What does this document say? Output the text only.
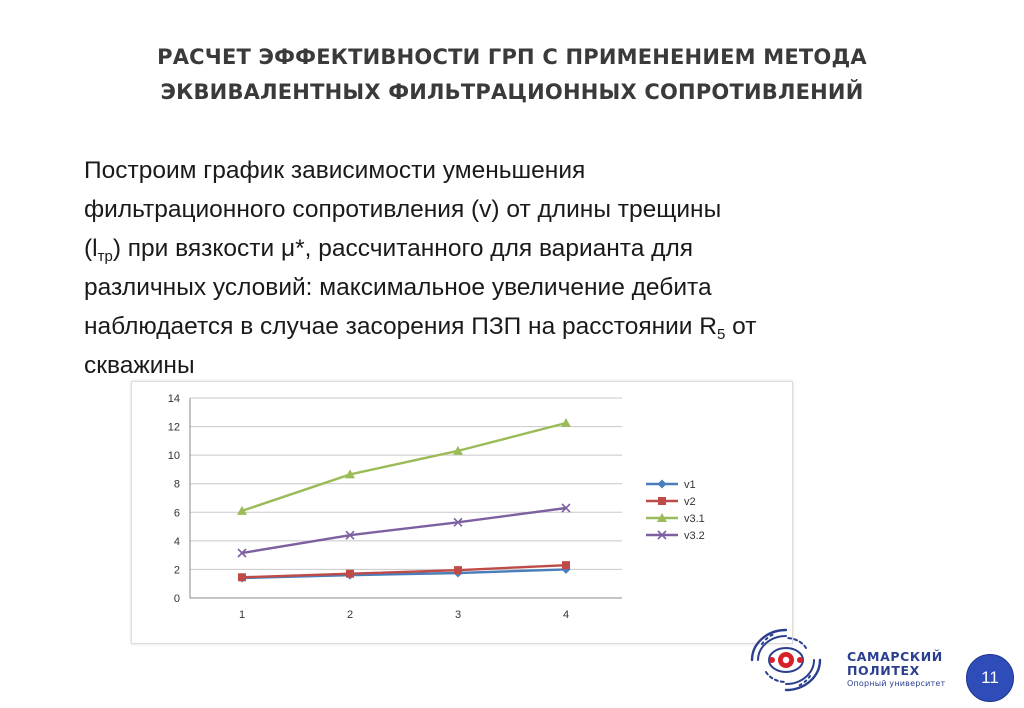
РАСЧЕТ ЭФФЕКТИВНОСТИ ГРП С ПРИМЕНЕНИЕМ МЕТОДА
ЭКВИВАЛЕНТНЫХ ФИЛЬТРАЦИОННЫХ СОПРОТИВЛЕНИЙ
Построим график зависимости уменьшения
фильтрационного сопротивления (v) от длины трещины
$(l_{тр})$ при вязкости μ*, рассчитанного для варианта для
различных условий: максимальное увеличение дебита
наблюдается в случае засорения ПЗП на расстоянии $R_5$ от
скважины
0
2
4
6
8
10
12
14
1	2	3	4
v1
v2
v3.1
v3.2
САМАРСКИЙ
ПОЛИТЕХ
Опорный университет	11
